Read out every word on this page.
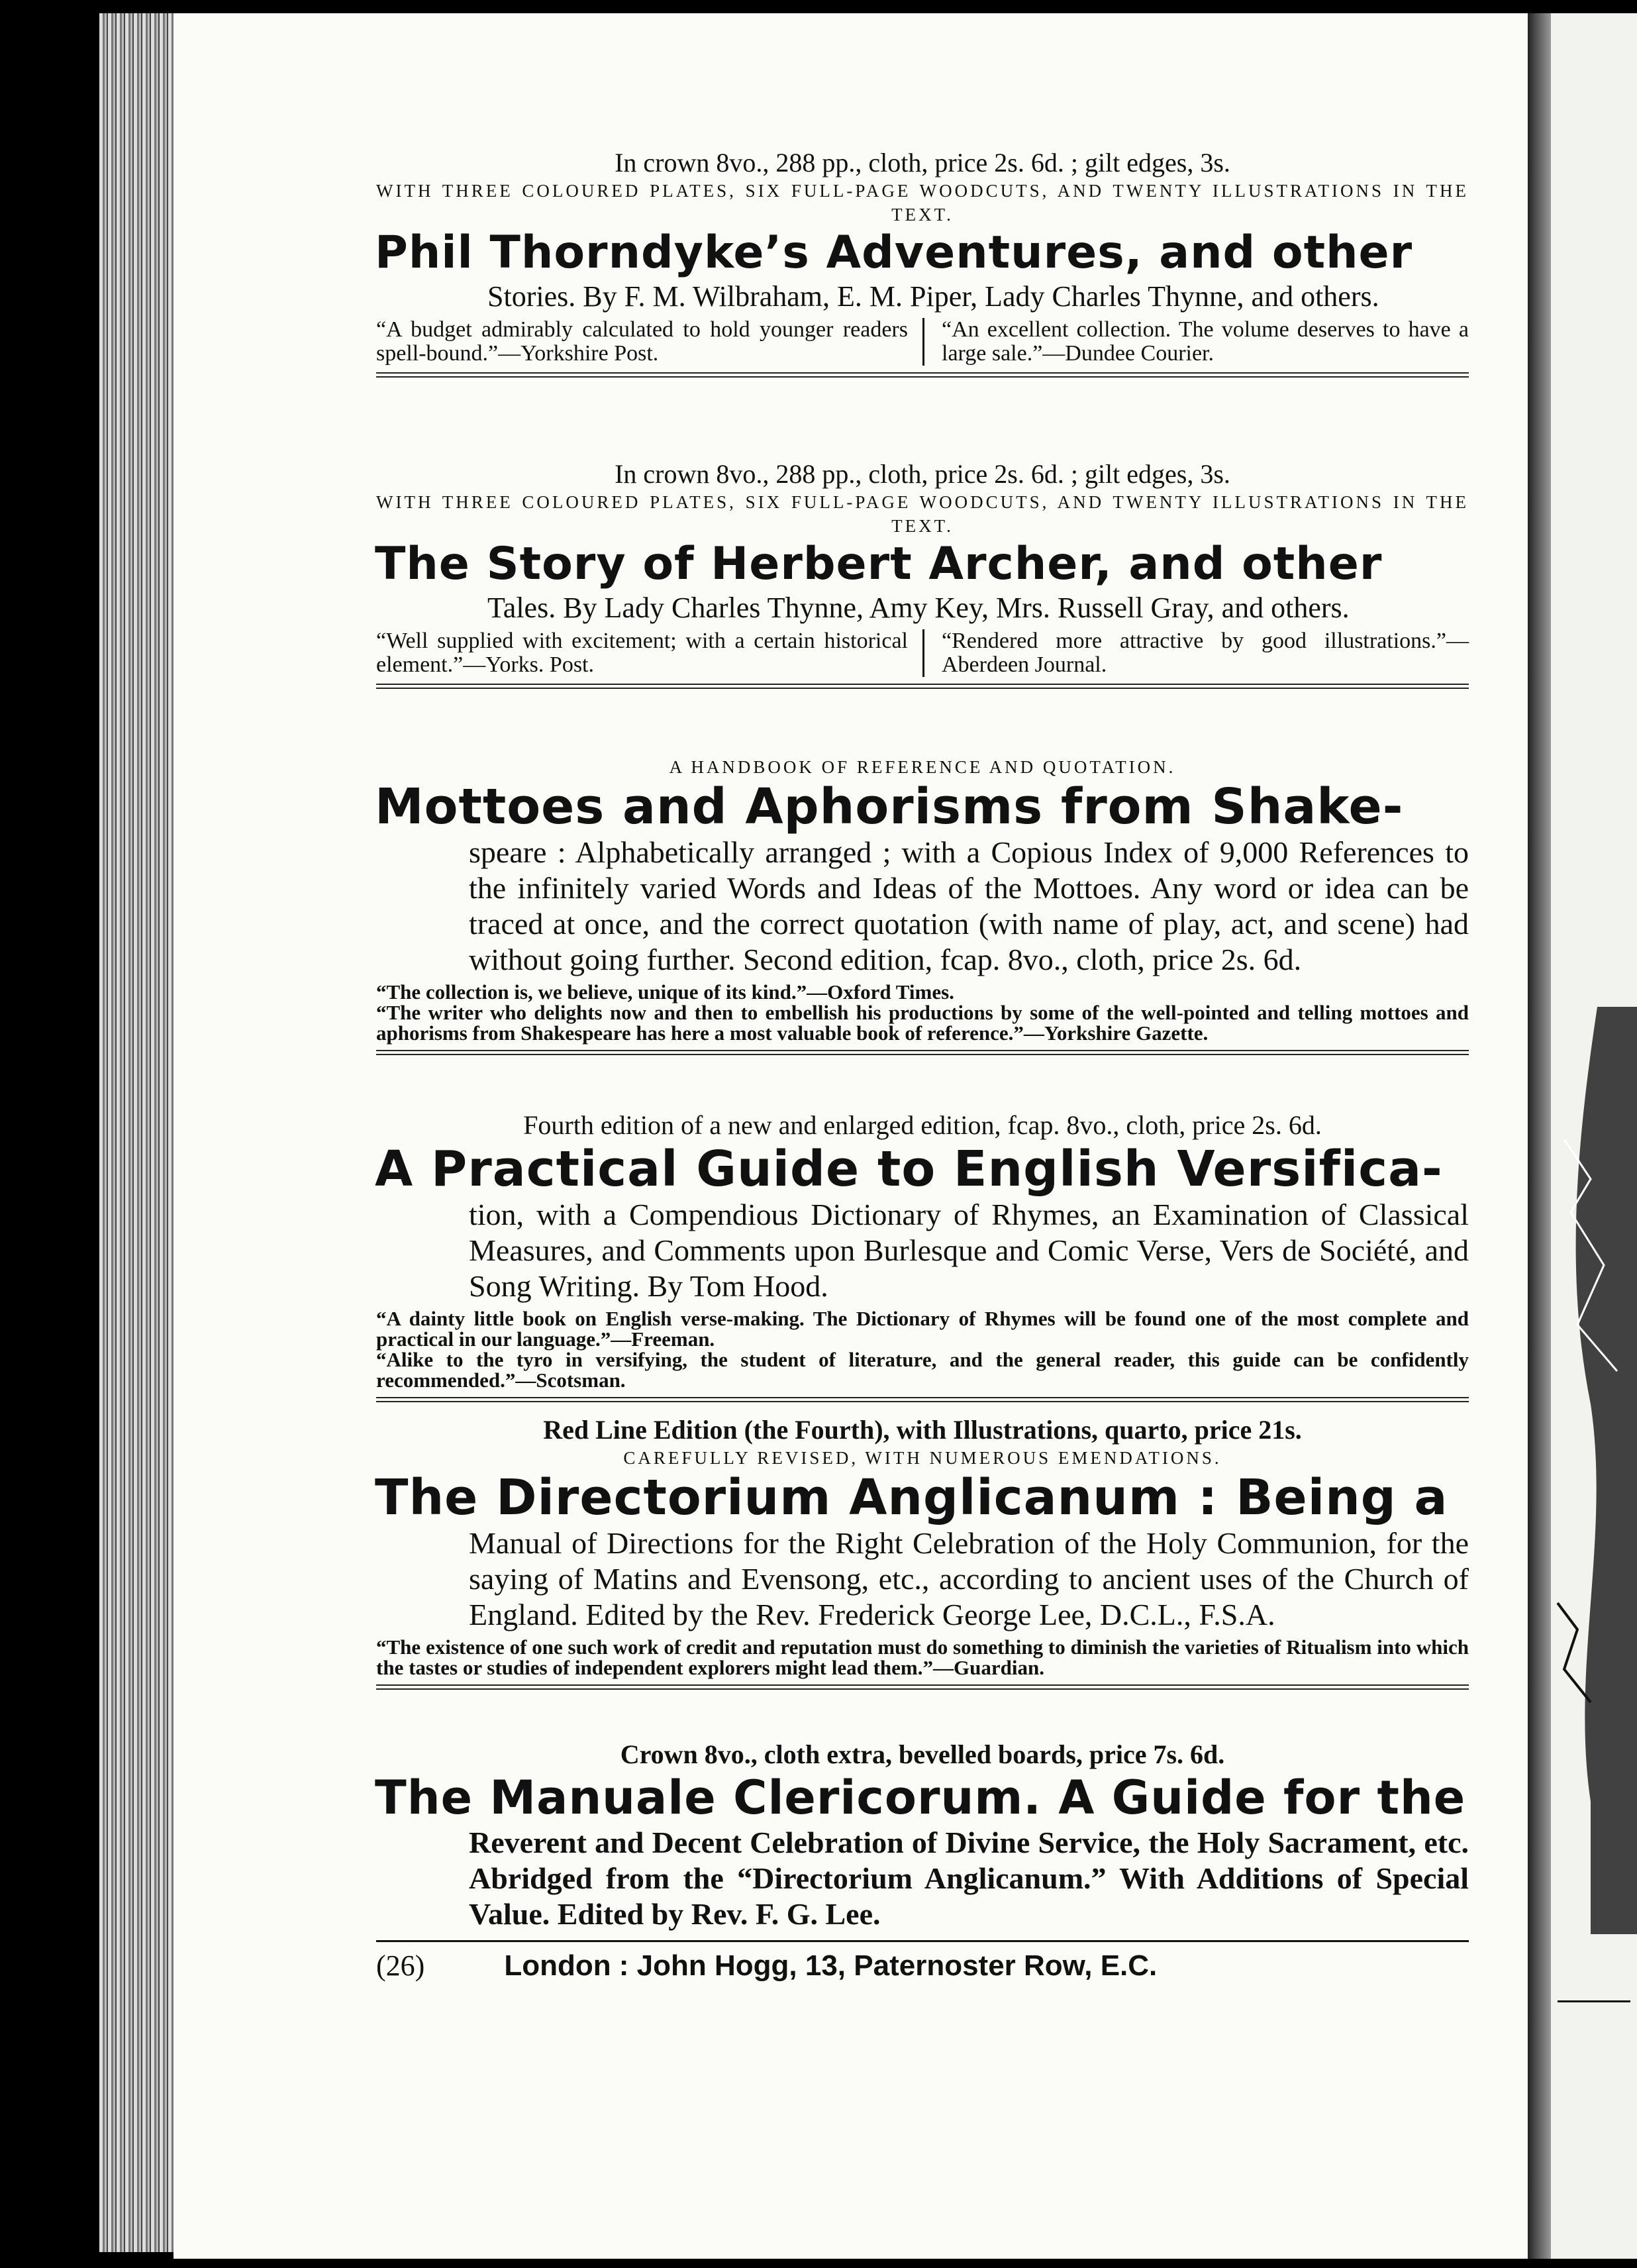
In crown 8vo., 288 pp., cloth, price 2s. 6d. ; gilt edges, 3s.

WITH THREE COLOURED PLATES, SIX FULL-PAGE WOODCUTS, AND TWENTY ILLUSTRATIONS IN THE TEXT.

Phil Thorndyke’s Adventures, and other

Stories. By F. M. Wilbraham, E. M. Piper, Lady Charles Thynne, and others.

“A budget admirably calculated to hold younger readers spell-bound.”—Yorkshire Post.
“An excellent collection. The volume deserves to have a large sale.”—Dundee Courier.

In crown 8vo., 288 pp., cloth, price 2s. 6d. ; gilt edges, 3s.

WITH THREE COLOURED PLATES, SIX FULL-PAGE WOODCUTS, AND TWENTY ILLUSTRATIONS IN THE TEXT.

The Story of Herbert Archer, and other

Tales. By Lady Charles Thynne, Amy Key, Mrs. Russell Gray, and others.

“Well supplied with excitement; with a certain historical element.”—Yorks. Post.
“Rendered more attractive by good illustrations.”—Aberdeen Journal.

A HANDBOOK OF REFERENCE AND QUOTATION.

Mottoes and Aphorisms from Shake-

speare : Alphabetically arranged ; with a Copious Index of 9,000 References to the infinitely varied Words and Ideas of the Mottoes. Any word or idea can be traced at once, and the correct quotation (with name of play, act, and scene) had without going further. Second edition, fcap. 8vo., cloth, price 2s. 6d.

“The collection is, we believe, unique of its kind.”—Oxford Times.

“The writer who delights now and then to embellish his productions by some of the well-pointed and telling mottoes and aphorisms from Shakespeare has here a most valuable book of reference.”—Yorkshire Gazette.

Fourth edition of a new and enlarged edition, fcap. 8vo., cloth, price 2s. 6d.

A Practical Guide to English Versifica-

tion, with a Compendious Dictionary of Rhymes, an Examination of Classical Measures, and Comments upon Burlesque and Comic Verse, Vers de Société, and Song Writing. By Tom Hood.

“A dainty little book on English verse-making. The Dictionary of Rhymes will be found one of the most complete and practical in our language.”—Freeman.

“Alike to the tyro in versifying, the student of literature, and the general reader, this guide can be confidently recommended.”—Scotsman.

Red Line Edition (the Fourth), with Illustrations, quarto, price 21s.

CAREFULLY REVISED, WITH NUMEROUS EMENDATIONS.

The Directorium Anglicanum : Being a

Manual of Directions for the Right Celebration of the Holy Communion, for the saying of Matins and Evensong, etc., according to ancient uses of the Church of England. Edited by the Rev. Frederick George Lee, D.C.L., F.S.A.

“The existence of one such work of credit and reputation must do something to diminish the varieties of Ritualism into which the tastes or studies of independent explorers might lead them.”—Guardian.

Crown 8vo., cloth extra, bevelled boards, price 7s. 6d.

The Manuale Clericorum. A Guide for the

Reverent and Decent Celebration of Divine Service, the Holy Sacrament, etc. Abridged from the “Directorium Anglicanum.” With Additions of Special Value. Edited by Rev. F. G. Lee.

(26)	London : John Hogg, 13, Paternoster Row, E.C.
